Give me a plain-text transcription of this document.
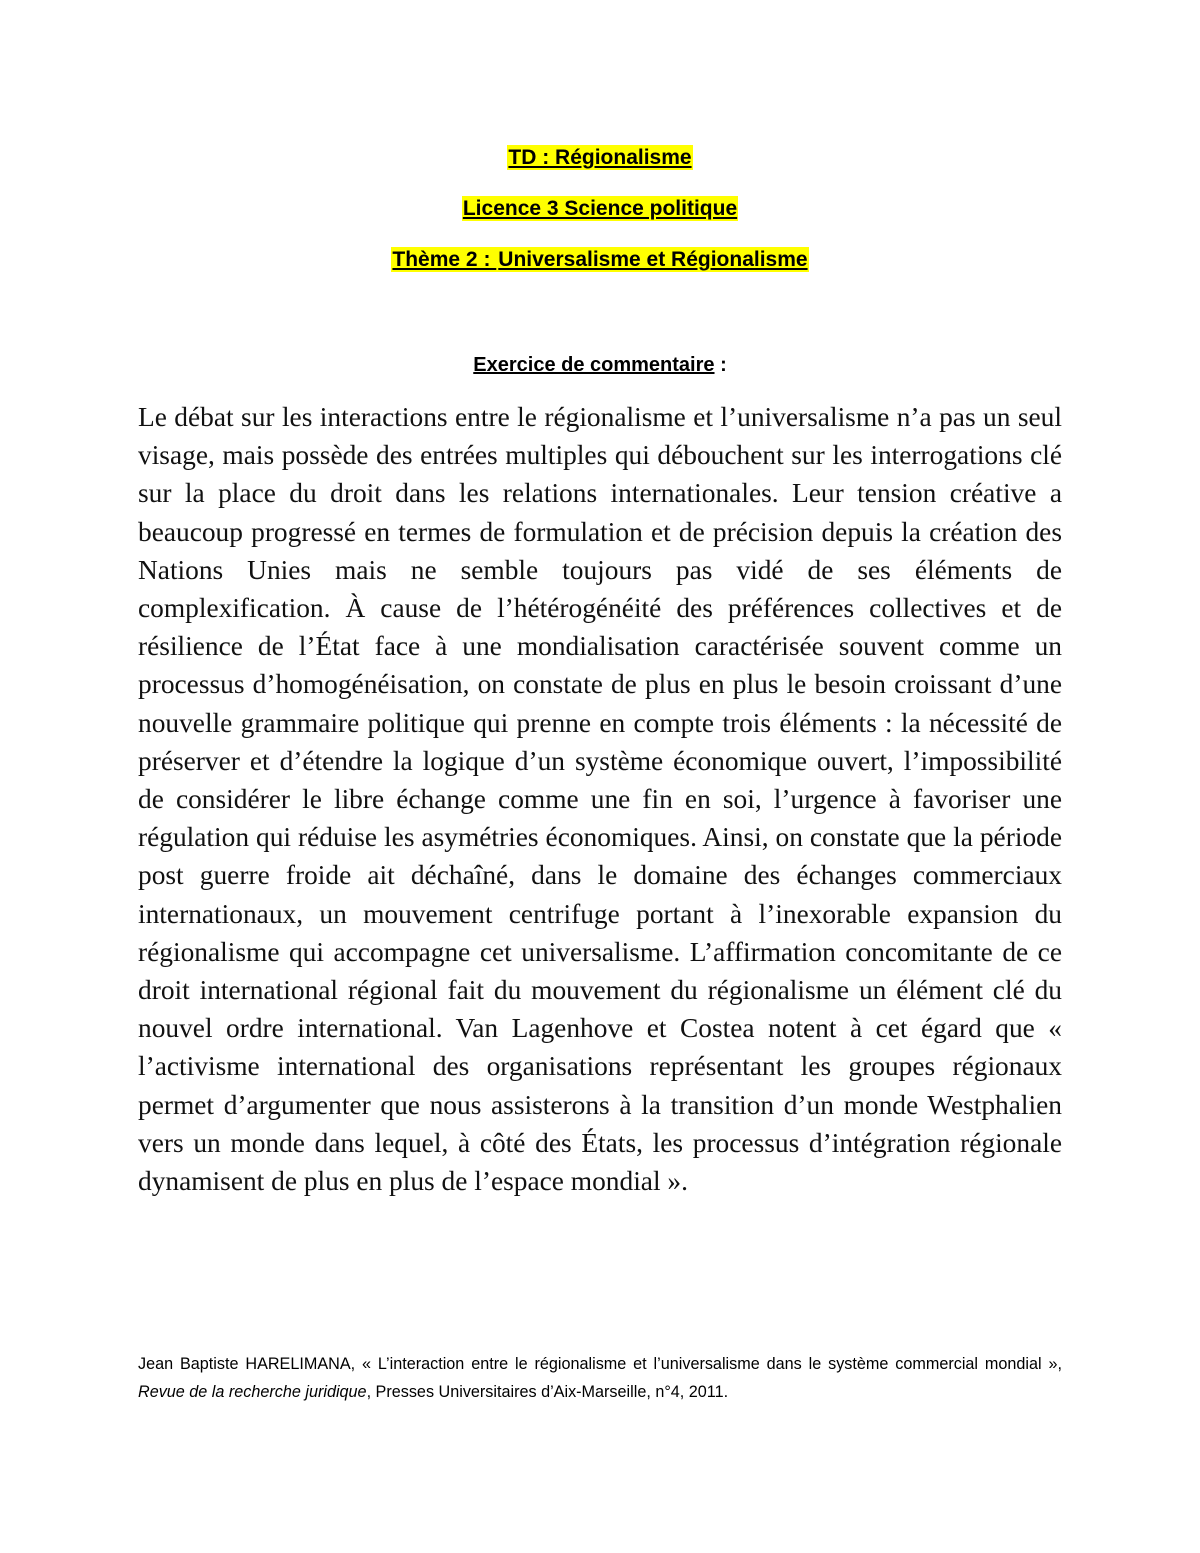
TD : Régionalisme
Licence 3 Science politique
Thème 2 : Universalisme et Régionalisme
Exercice de commentaire :

Le débat sur les interactions entre le régionalisme et l’universalisme n’a pas un seul visage, mais possède des entrées multiples qui débouchent sur les interrogations clé sur la place du droit dans les relations internationales. Leur tension créative a beaucoup progressé en termes de formulation et de précision depuis la création des Nations Unies mais ne semble toujours pas vidé de ses éléments de complexification. À cause de l’hétérogénéité des préférences collectives et de résilience de l’État face à une mondialisation caractérisée souvent comme un processus d’homogénéisation, on constate de plus en plus le besoin croissant d’une nouvelle grammaire politique qui prenne en compte trois éléments : la nécessité de préserver et d’étendre la logique d’un système économique ouvert, l’impossibilité de considérer le libre échange comme une fin en soi, l’urgence à favoriser une régulation qui réduise les asymétries économiques. Ainsi, on constate que la période post guerre froide ait déchaîné, dans le domaine des échanges commerciaux internationaux, un mouvement centrifuge portant à l’inexorable expansion du régionalisme qui accompagne cet universalisme. L’affirmation concomitante de ce droit international régional fait du mouvement du régionalisme un élément clé du nouvel ordre international. Van Lagenhove et Costea notent à cet égard que « l’activisme international des organisations représentant les groupes régionaux permet d’argumenter que nous assisterons à la transition d’un monde Westphalien vers un monde dans lequel, à côté des États, les processus d’intégration régionale dynamisent de plus en plus de l’espace mondial ».

Jean Baptiste HARELIMANA, « L’interaction entre le régionalisme et l’universalisme dans le système commercial mondial », Revue de la recherche juridique, Presses Universitaires d’Aix-Marseille, n°4, 2011.
